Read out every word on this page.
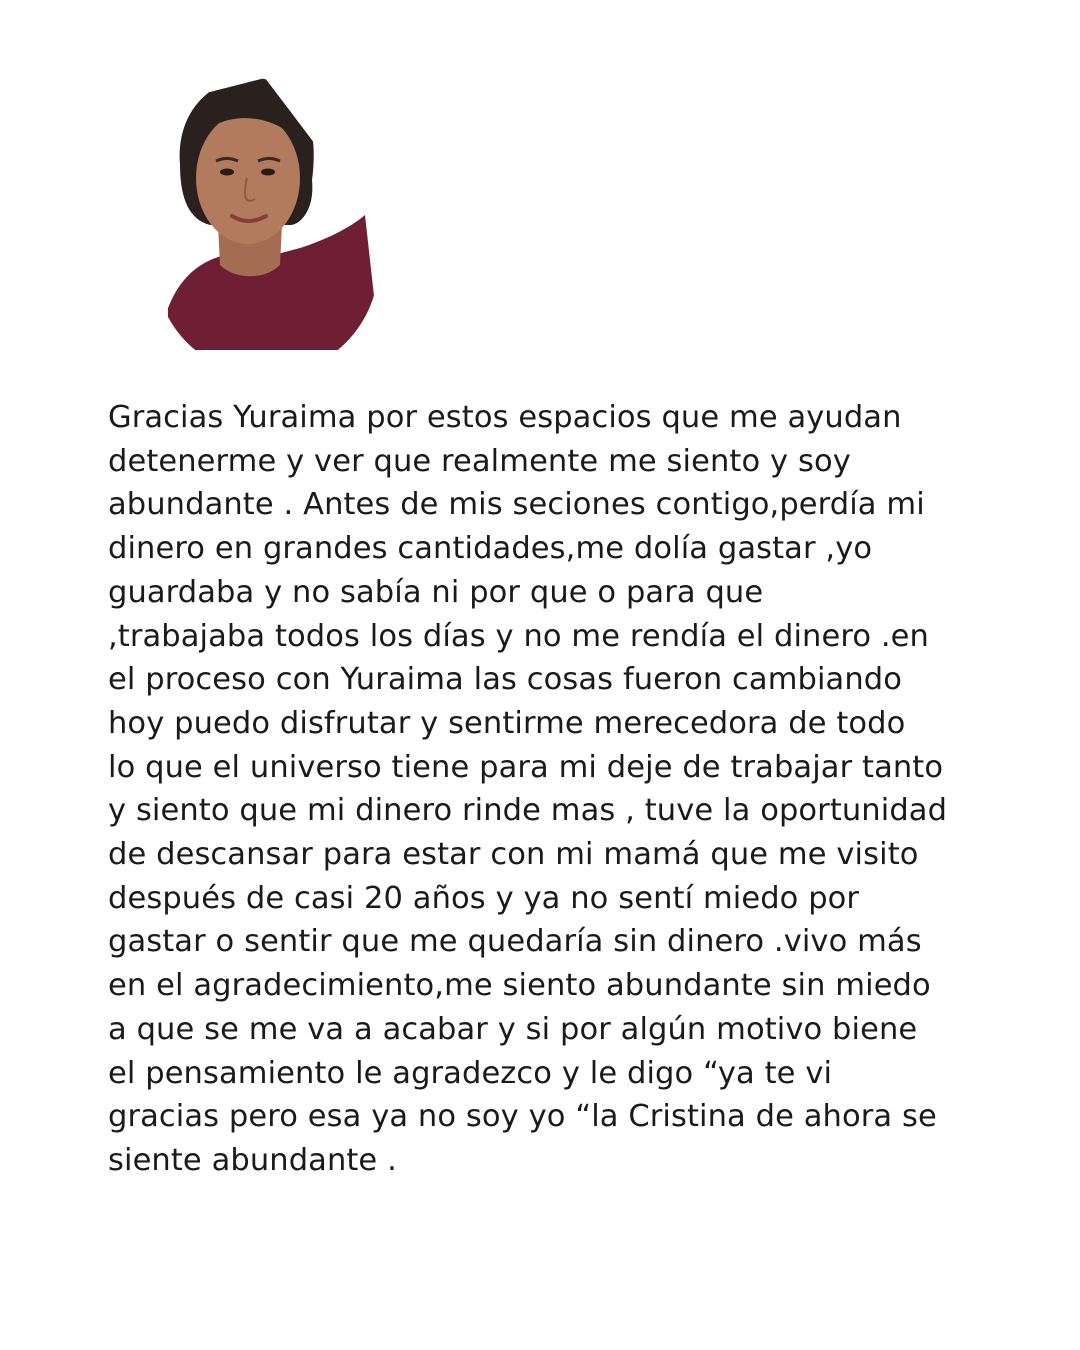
Gracias Yuraima por estos espacios que me ayudan
detenerme y ver que realmente me siento y soy
abundante . Antes de mis seciones contigo,perdía mi
dinero en grandes cantidades,me dolía gastar ,yo
guardaba y no sabía ni por que o para que
,trabajaba todos los días y no me rendía el dinero .en
el proceso con Yuraima las cosas fueron cambiando
hoy puedo disfrutar y sentirme merecedora de todo
lo que el universo tiene para mi deje de trabajar tanto
y siento que mi dinero rinde mas , tuve la oportunidad
de descansar para estar con mi mamá que me visito
después de casi 20 años y ya no sentí miedo por
gastar o sentir que me quedaría sin dinero .vivo más
en el agradecimiento,me siento abundante sin miedo
a que se me va a acabar y si por algún motivo biene
el pensamiento le agradezco y le digo “ya te vi
gracias pero esa ya no soy yo “la Cristina de ahora se
siente abundante .
